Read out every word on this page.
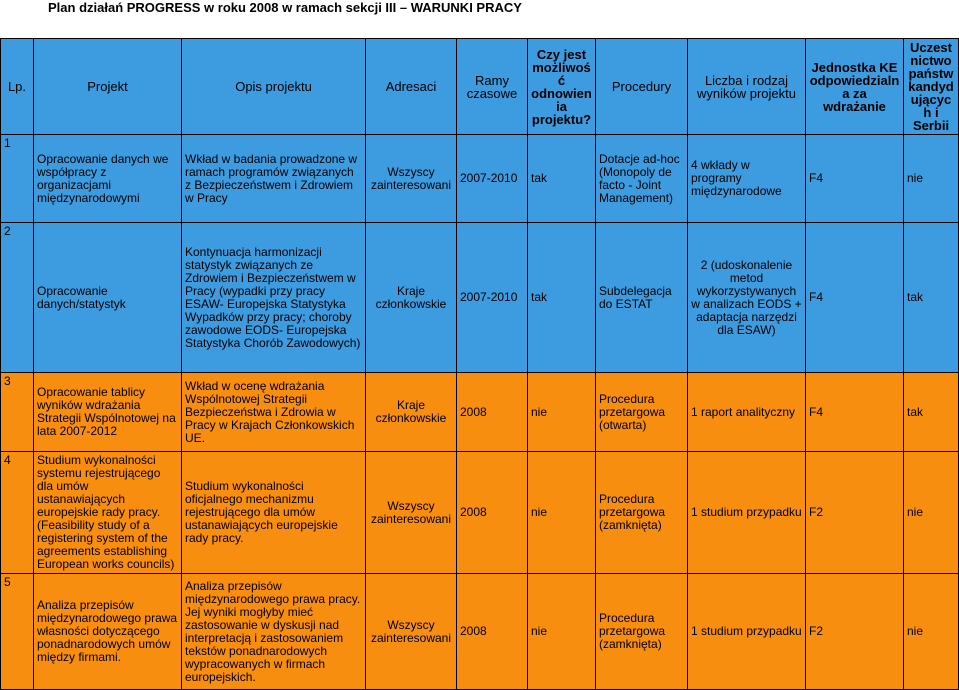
Plan działań PROGRESS w roku 2008 w ramach sekcji III – WARUNKI PRACY
Lp.	Projekt	Opis projektu	Adresaci	Ramy czasowe	Czy jest możliwość odnowienia projektu?	Procedury	Liczba i rodzaj wyników projektu	Jednostka KE odpowiedzialna za wdrażanie	Uczestnictwo państw kandydujących i Serbii
1	Opracowanie danych we współpracy z organizacjami międzynarodowymi	Wkład w badania prowadzone w ramach programów związanych z Bezpieczeństwem i Zdrowiem w Pracy	Wszyscy zainteresowani	2007-2010	tak	Dotacje ad-hoc (Monopoly de facto - Joint Management)	4 wkłady w programy międzynarodowe	F4	nie
2	Opracowanie danych/statystyk	Kontynuacja harmonizacji statystyk związanych ze Zdrowiem i Bezpieczeństwem w Pracy (wypadki przy pracy ESAW- Europejska Statystyka Wypadków przy pracy; choroby zawodowe EODS- Europejska Statystyka Chorób Zawodowych)	Kraje członkowskie	2007-2010	tak	Subdelegacja do ESTAT	2 (udoskonalenie metod wykorzystywanych w analizach EODS + adaptacja narzędzi dla ESAW)	F4	tak
3	Opracowanie tablicy wyników wdrażania Strategii Wspólnotowej na lata 2007-2012	Wkład w ocenę wdrażania Wspólnotowej Strategii Bezpieczeństwa i Zdrowia w Pracy w Krajach Członkowskich UE.	Kraje członkowskie	2008	nie	Procedura przetargowa (otwarta)	1 raport analityczny	F4	tak
4	Studium wykonalności systemu rejestrującego dla umów ustanawiających europejskie rady pracy. (Feasibility study of a registering system of the agreements establishing European works councils)	Studium wykonalności oficjalnego mechanizmu rejestrującego dla umów ustanawiających europejskie rady pracy.	Wszyscy zainteresowani	2008	nie	Procedura przetargowa (zamknięta)	1 studium przypadku	F2	nie
5	Analiza przepisów międzynarodowego prawa własności dotyczącego ponadnarodowych umów między firmami.	Analiza przepisów międzynarodowego prawa pracy. Jej wyniki mogłyby mieć zastosowanie w dyskusji nad interpretacją i zastosowaniem tekstów ponadnarodowych wypracowanych w firmach europejskich.	Wszyscy zainteresowani	2008	nie	Procedura przetargowa (zamknięta)	1 studium przypadku	F2	nie
